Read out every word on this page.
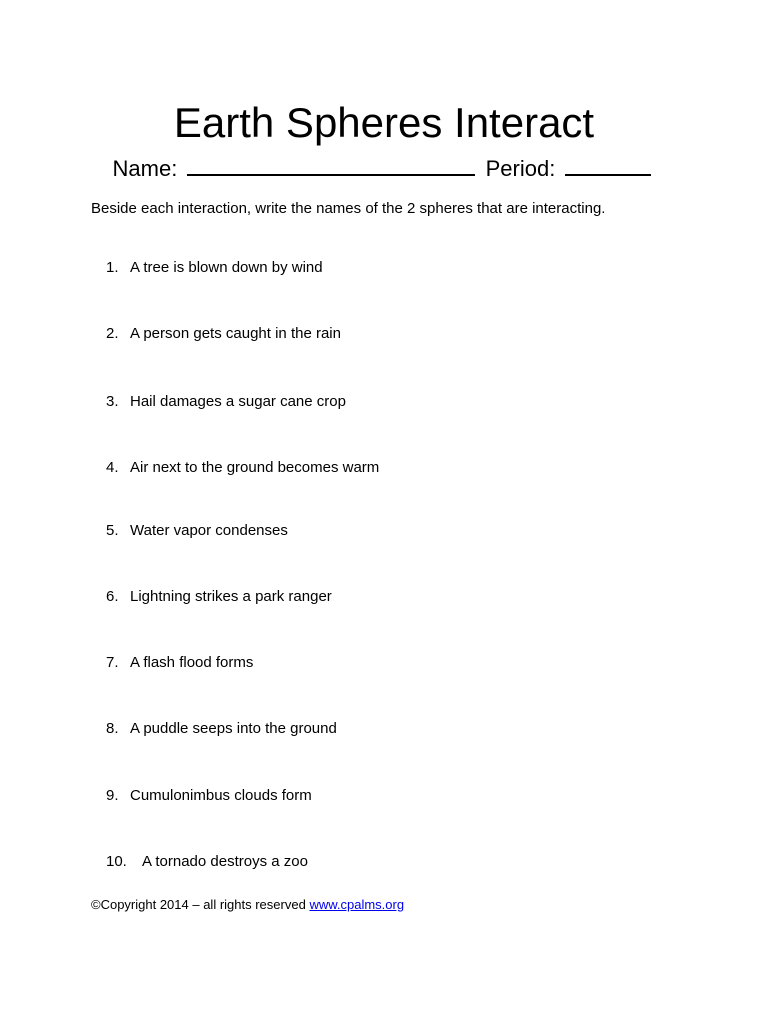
Earth Spheres Interact
Name:	Period:
Beside each interaction, write the names of the 2 spheres that are interacting.
1. A tree is blown down by wind
2. A person gets caught in the rain
3. Hail damages a sugar cane crop
4. Air next to the ground becomes warm
5. Water vapor condenses
6. Lightning strikes a park ranger
7. A flash flood forms
8. A puddle seeps into the ground
9. Cumulonimbus clouds form
10. A tornado destroys a zoo
©Copyright 2014 – all rights reserved www.cpalms.org
